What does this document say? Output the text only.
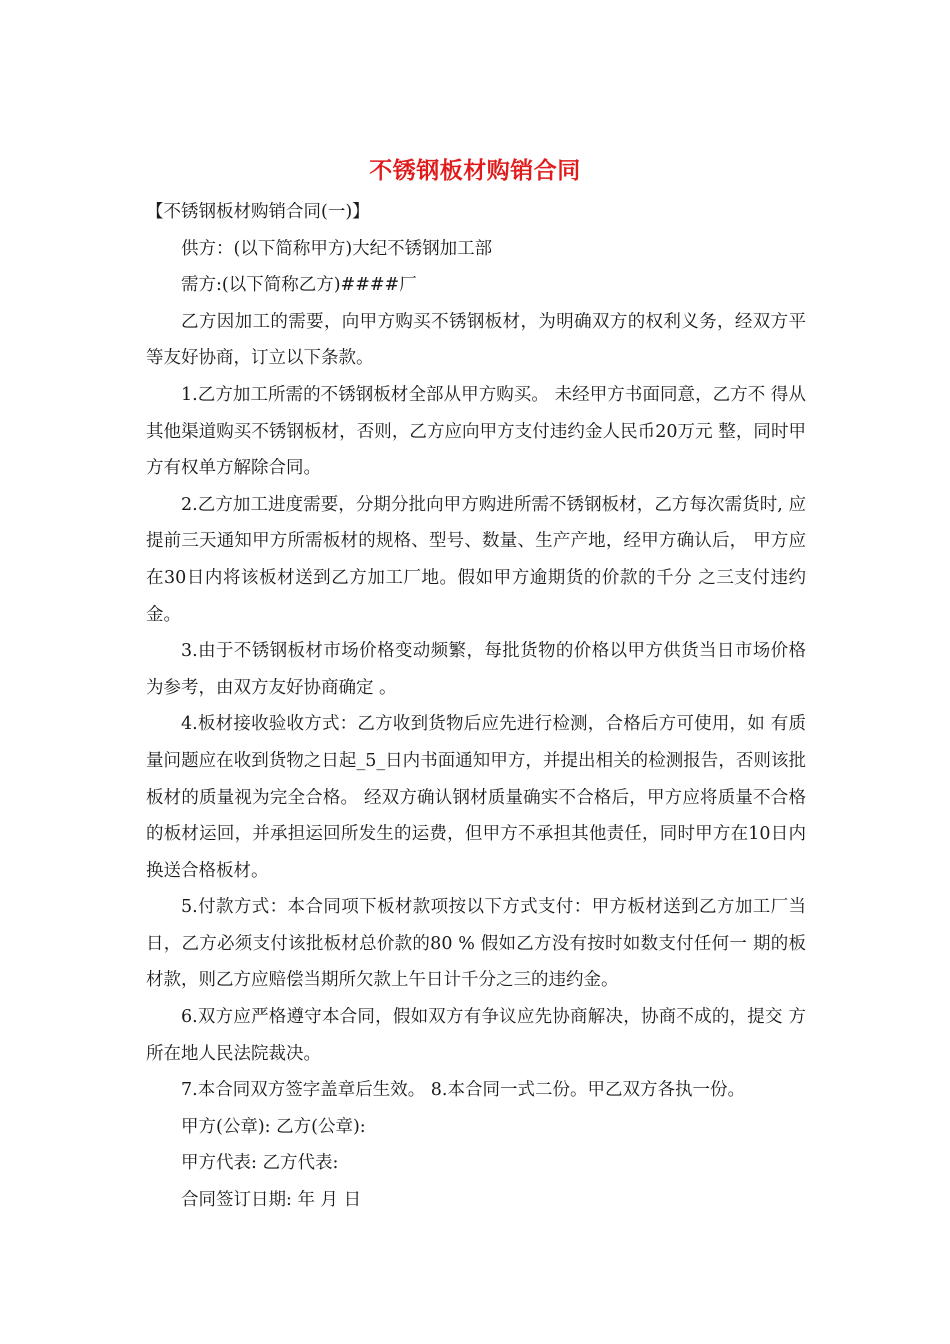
不锈钢板材购销合同

【不锈钢板材购销合同(一)】

供方：(以下简称甲方)大纪不锈钢加工部

需方:(以下简称乙方)####厂

乙方因加工的需要，向甲方购买不锈钢板材，为明确双方的权利义务，经双方平等友好协商，订立以下条款。

1.乙方加工所需的不锈钢板材全部从甲方购买。 未经甲方书面同意，乙方不 得从其他渠道购买不锈钢板材，否则，乙方应向甲方支付违约金人民币20万元 整，同时甲方有权单方解除合同。

2.乙方加工进度需要，分期分批向甲方购进所需不锈钢板材，乙方每次需货时, 应提前三天通知甲方所需板材的规格、型号、数量、生产产地，经甲方确认后， 甲方应在30日内将该板材送到乙方加工厂地。假如甲方逾期货的价款的千分 之三支付违约金。

3.由于不锈钢板材市场价格变动频繁，每批货物的价格以甲方供货当日市场价格为参考，由双方友好协商确定 。

4.板材接收验收方式：乙方收到货物后应先进行检测，合格后方可使用，如 有质量问题应在收到货物之日起_5_日内书面通知甲方，并提出相关的检测报告，否则该批板材的质量视为完全合格。 经双方确认钢材质量确实不合格后，甲方应将质量不合格的板材运回，并承担运回所发生的运费，但甲方不承担其他责任，同时甲方在10日内换送合格板材。

5.付款方式：本合同项下板材款项按以下方式支付：甲方板材送到乙方加工厂当日，乙方必须支付该批板材总价款的80 % 假如乙方没有按时如数支付任何一 期的板材款，则乙方应赔偿当期所欠款上午日计千分之三的违约金。

6.双方应严格遵守本合同，假如双方有争议应先协商解决，协商不成的，提交 方所在地人民法院裁决。

7.本合同双方签字盖章后生效。 8.本合同一式二份。甲乙双方各执一份。

甲方(公章): 乙方(公章):

甲方代表: 乙方代表:

合同签订日期: 年 月 日
